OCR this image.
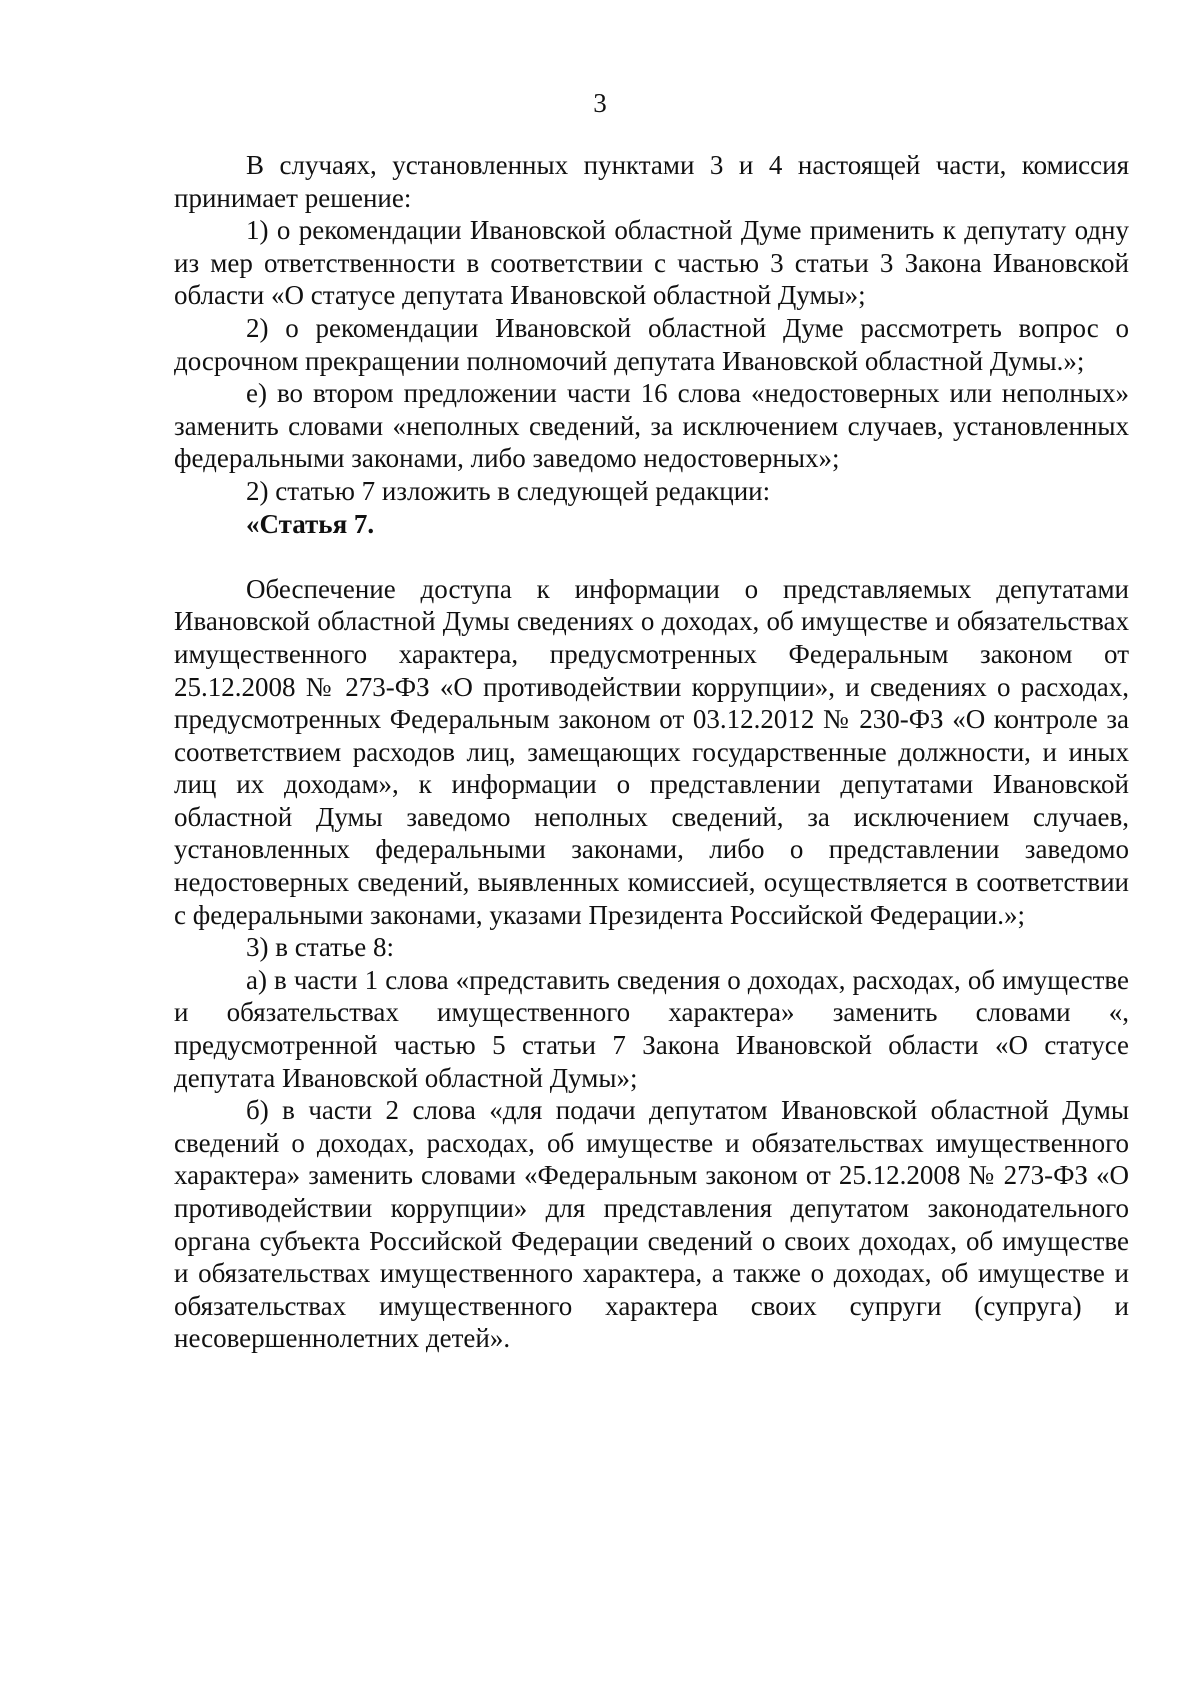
3

В случаях, установленных пунктами 3 и 4 настоящей части, комиссия принимает решение:

1) о рекомендации Ивановской областной Думе применить к депутату одну из мер ответственности в соответствии с частью 3 статьи 3 Закона Ивановской области «О статусе депутата Ивановской областной Думы»;

2) о рекомендации Ивановской областной Думе рассмотреть вопрос о досрочном прекращении полномочий депутата Ивановской областной Думы.»;

е) во втором предложении части 16 слова «недостоверных или неполных» заменить словами «неполных сведений, за исключением случаев, установленных федеральными законами, либо заведомо недостоверных»;

2) статью 7 изложить в следующей редакции:

«Статья 7.

Обеспечение доступа к информации о представляемых депутатами Ивановской областной Думы сведениях о доходах, об имуществе и обязательствах имущественного характера, предусмотренных Федеральным законом от 25.12.2008 № 273-ФЗ «О противодействии коррупции», и сведениях о расходах, предусмотренных Федеральным законом от 03.12.2012 № 230-ФЗ «О контроле за соответствием расходов лиц, замещающих государственные должности, и иных лиц их доходам», к информации о представлении депутатами Ивановской областной Думы заведомо неполных сведений, за исключением случаев, установленных федеральными законами, либо о представлении заведомо недостоверных сведений, выявленных комиссией, осуществляется в соответствии с федеральными законами, указами Президента Российской Федерации.»;

3) в статье 8:

а) в части 1 слова «представить сведения о доходах, расходах, об имуществе и обязательствах имущественного характера» заменить словами «, предусмотренной частью 5 статьи 7 Закона Ивановской области «О статусе депутата Ивановской областной Думы»;

б) в части 2 слова «для подачи депутатом Ивановской областной Думы сведений о доходах, расходах, об имуществе и обязательствах имущественного характера» заменить словами «Федеральным законом от 25.12.2008 № 273-ФЗ «О противодействии коррупции» для представления депутатом законодательного органа субъекта Российской Федерации сведений о своих доходах, об имуществе и обязательствах имущественного характера, а также о доходах, об имуществе и обязательствах имущественного характера своих супруги (супруга) и несовершеннолетних детей».
